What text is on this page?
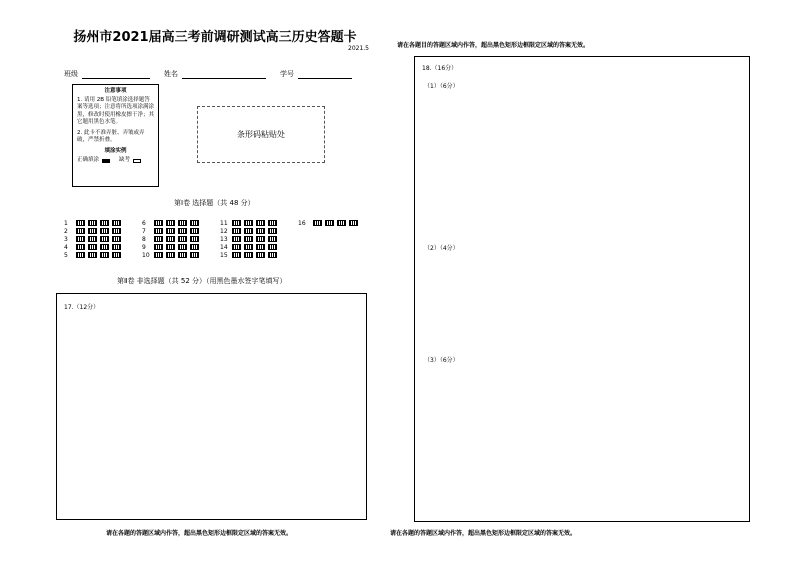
扬州市2021届高三考前调研测试高三历史答题卡
2021.5	请在各题目的答题区域内作答，超出黑色矩形边框限定区域的答案无效。
班级	姓名	学号
注意事项
1. 请用 2B 铅笔填涂选择题答案等选项；注意将所选项涂满涂黑，修改时使用橡皮擦干净；其它题用黑色水笔。
2. 此卡不准弄脏、弄皱或弄破，严禁折叠。
填涂实例
正确填涂	缺考
条形码粘贴处
第Ⅰ卷 选择题（共 48 分）
1
2
3
4
5
6
7
8
9
10
11
12
13
14
15
16
第Ⅱ卷 非选择题（共 52 分）（用黑色墨水签字笔填写）
17.（12分）
18.（16分）
（1）（6分）
（2）（4分）
（3）（6分）
请在各题的答题区域内作答，超出黑色矩形边框限定区域的答案无效。	请在各题的答题区域内作答，超出黑色矩形边框限定区域的答案无效。
